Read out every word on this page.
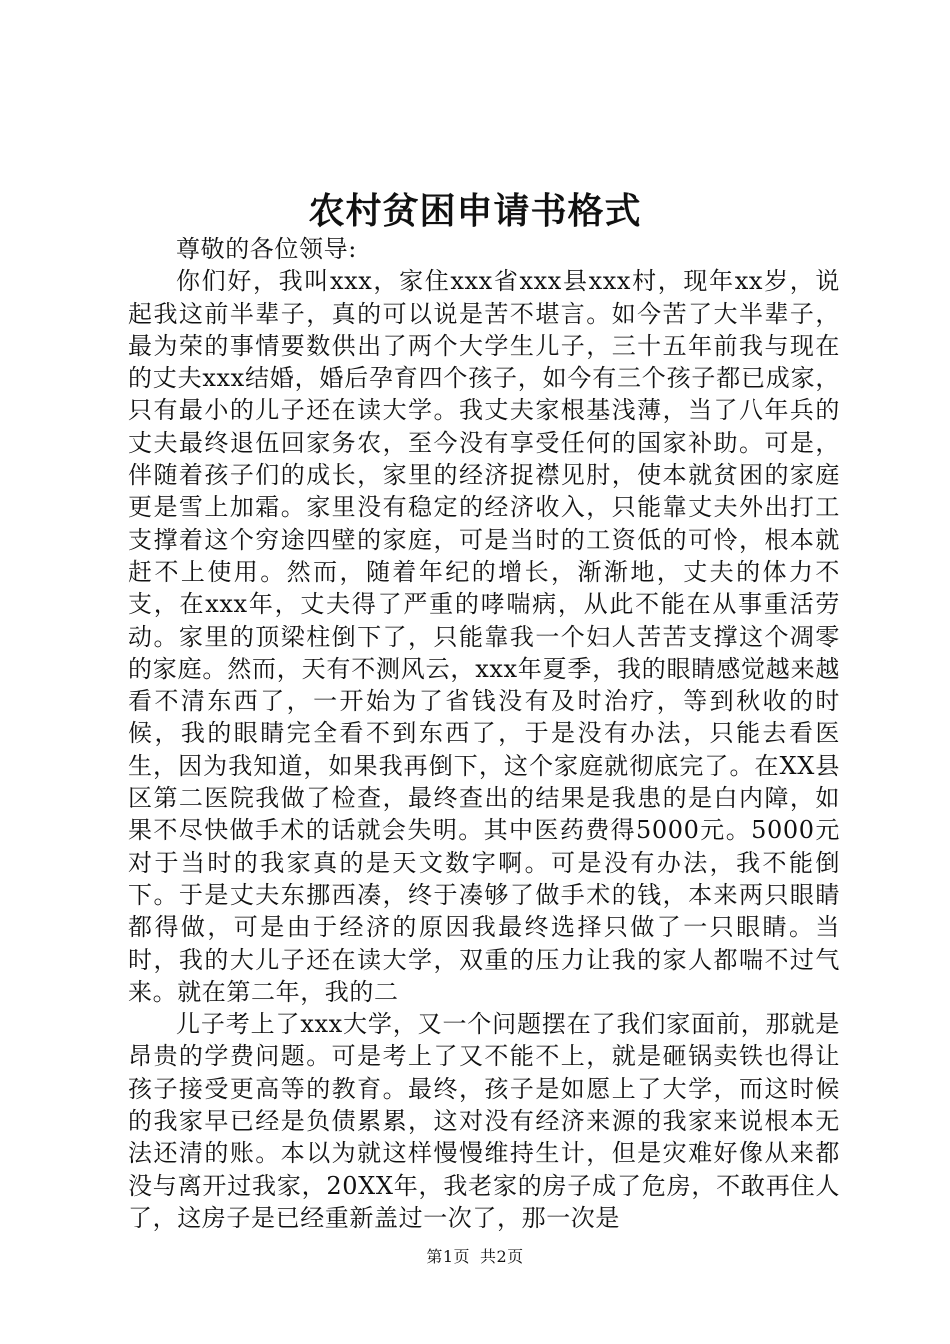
农村贫困申请书格式

尊敬的各位领导:

你们好，我叫xxx，家住xxx省xxx县xxx村，现年xx岁，说起我这前半辈子，真的可以说是苦不堪言。如今苦了大半辈子，最为荣的事情要数供出了两个大学生儿子，三十五年前我与现在的丈夫xxx结婚，婚后孕育四个孩子，如今有三个孩子都已成家，只有最小的儿子还在读大学。我丈夫家根基浅薄，当了八年兵的丈夫最终退伍回家务农，至今没有享受任何的国家补助。可是，伴随着孩子们的成长，家里的经济捉襟见肘，使本就贫困的家庭更是雪上加霜。家里没有稳定的经济收入，只能靠丈夫外出打工支撑着这个穷途四壁的家庭，可是当时的工资低的可怜，根本就赶不上使用。然而，随着年纪的增长，渐渐地，丈夫的体力不支，在xxx年，丈夫得了严重的哮喘病，从此不能在从事重活劳动。家里的顶梁柱倒下了，只能靠我一个妇人苦苦支撑这个凋零的家庭。然而，天有不测风云，xxx年夏季，我的眼睛感觉越来越看不清东西了，一开始为了省钱没有及时治疗，等到秋收的时候，我的眼睛完全看不到东西了，于是没有办法，只能去看医生，因为我知道，如果我再倒下，这个家庭就彻底完了。在XX县区第二医院我做了检查，最终查出的结果是我患的是白内障，如果不尽快做手术的话就会失明。其中医药费得5000元。5000元对于当时的我家真的是天文数字啊。可是没有办法，我不能倒下。于是丈夫东挪西凑，终于凑够了做手术的钱，本来两只眼睛都得做，可是由于经济的原因我最终选择只做了一只眼睛。当时，我的大儿子还在读大学，双重的压力让我的家人都喘不过气来。就在第二年，我的二

儿子考上了xxx大学，又一个问题摆在了我们家面前，那就是昂贵的学费问题。可是考上了又不能不上，就是砸锅卖铁也得让孩子接受更高等的教育。最终，孩子是如愿上了大学，而这时候的我家早已经是负债累累，这对没有经济来源的我家来说根本无法还清的账。本以为就这样慢慢维持生计，但是灾难好像从来都没与离开过我家，20XX年，我老家的房子成了危房，不敢再住人了，这房子是已经重新盖过一次了，那一次是

第1页 共2页
